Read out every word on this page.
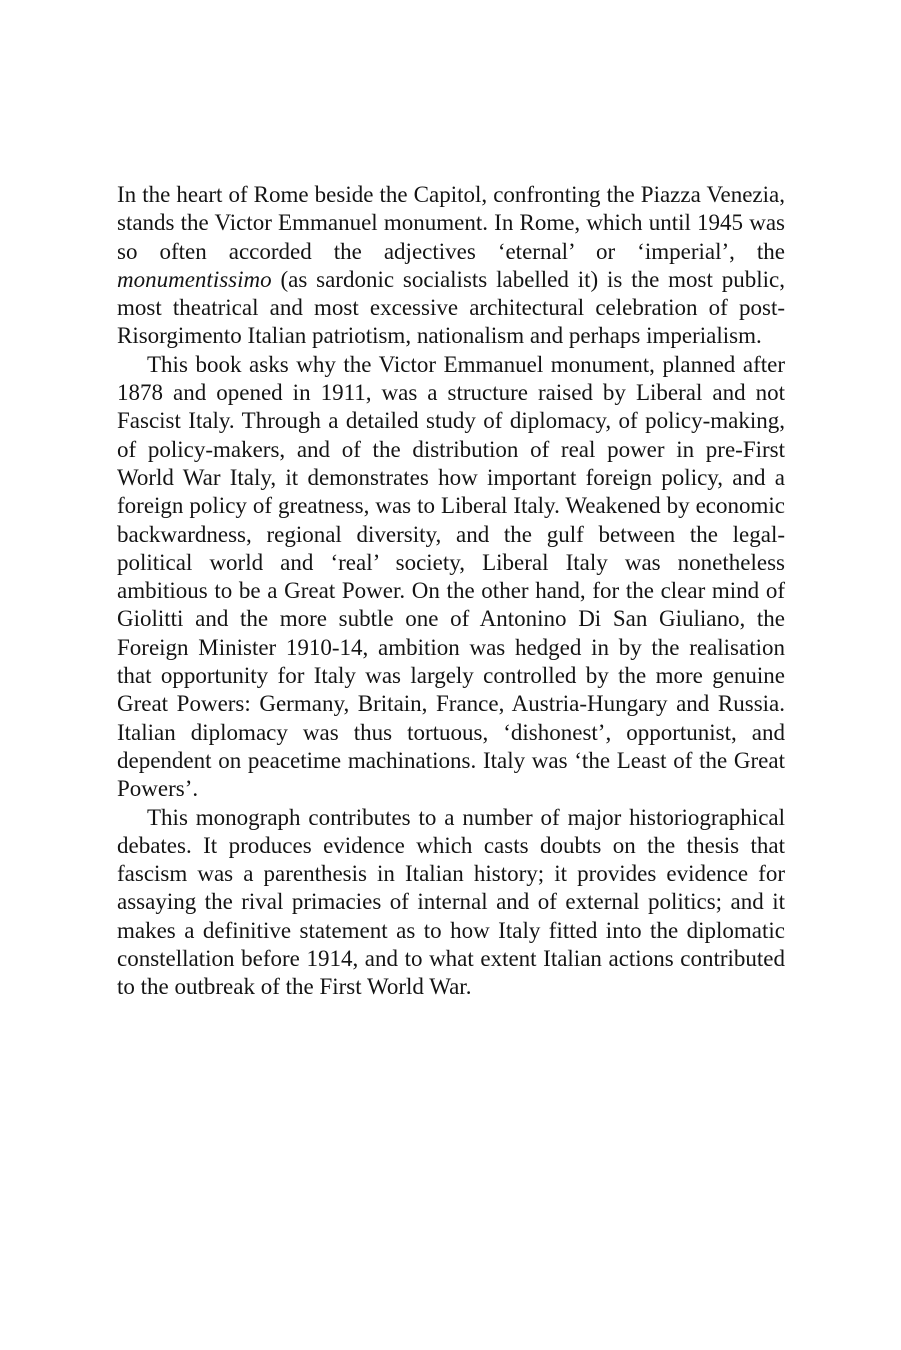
In the heart of Rome beside the Capitol, confronting the Piazza Venezia, stands the Victor Emmanuel monument. In Rome, which until 1945 was so often accorded the adjectives ‘eternal’ or ‘imperial’, the monumentissimo (as sardonic socialists labelled it) is the most public, most theatrical and most excessive architectural celebration of post-Risorgimento Italian patriotism, nationalism and perhaps imperialism.

This book asks why the Victor Emmanuel monument, planned after 1878 and opened in 1911, was a structure raised by Liberal and not Fascist Italy. Through a detailed study of diplomacy, of policy-making, of policy-makers, and of the distribution of real power in pre-First World War Italy, it demonstrates how important foreign policy, and a foreign policy of greatness, was to Liberal Italy. Weakened by economic backwardness, regional diversity, and the gulf between the legal-political world and ‘real’ society, Liberal Italy was nonetheless ambitious to be a Great Power. On the other hand, for the clear mind of Giolitti and the more subtle one of Antonino Di San Giuliano, the Foreign Minister 1910-14, ambition was hedged in by the realisation that opportunity for Italy was largely controlled by the more genuine Great Powers: Germany, Britain, France, Austria-Hungary and Russia. Italian diplomacy was thus tortuous, ‘dishonest’, opportunist, and dependent on peacetime machinations. Italy was ‘the Least of the Great Powers’.

This monograph contributes to a number of major historiographical debates. It produces evidence which casts doubts on the thesis that fascism was a parenthesis in Italian history; it provides evidence for assaying the rival primacies of internal and of external politics; and it makes a definitive statement as to how Italy fitted into the diplomatic constellation before 1914, and to what extent Italian actions contributed to the outbreak of the First World War.
